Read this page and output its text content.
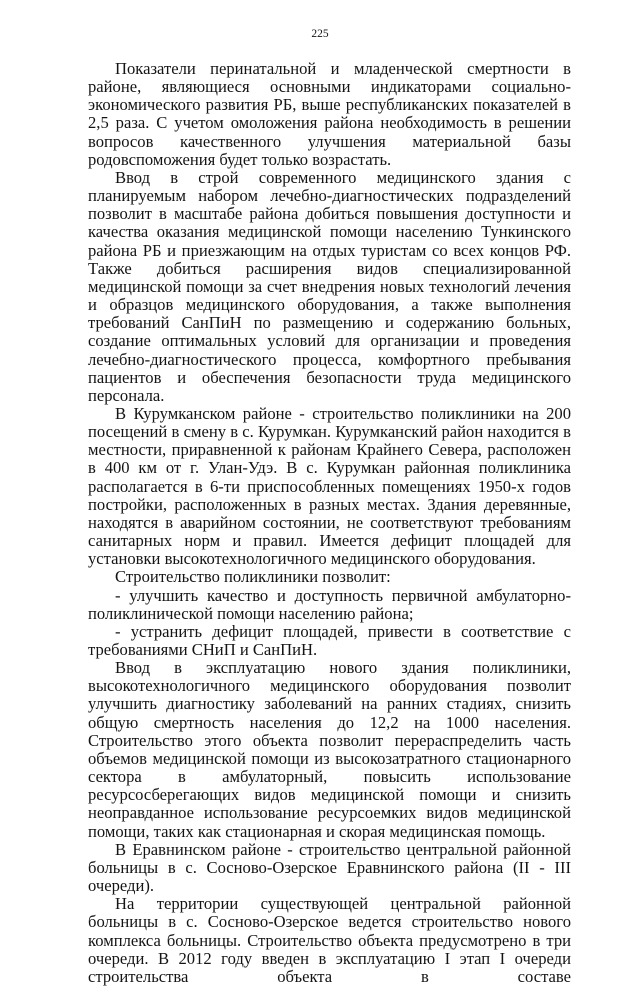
225

Показатели перинатальной и младенческой смертности в районе, являющиеся основными индикаторами социально-экономического развития РБ, выше республиканских показателей в 2,5 раза. С учетом омоложения района необходимость в решении вопросов качественного улучшения материальной базы родовспоможения будет только возрастать.

Ввод в строй современного медицинского здания с планируемым набором лечебно-диагностических подразделений позволит в масштабе района добиться повышения доступности и качества оказания медицинской помощи населению Тункинского района РБ и приезжающим на отдых туристам со всех концов РФ. Также добиться расширения видов специализированной медицинской помощи за счет внедрения новых технологий лечения и образцов медицинского оборудования, а также выполнения требований СанПиН по размещению и содержанию больных, создание оптимальных условий для организации и проведения лечебно-диагностического процесса, комфортного пребывания пациентов и обеспечения безопасности труда медицинского персонала.

В Курумканском районе - строительство поликлиники на 200 посещений в смену в с. Курумкан. Курумканский район находится в местности, приравненной к районам Крайнего Севера, расположен в 400 км от г. Улан-Удэ. В с. Курумкан районная поликлиника располагается в 6-ти приспособленных помещениях 1950-х годов постройки, расположенных в разных местах. Здания деревянные, находятся в аварийном состоянии, не соответствуют требованиям санитарных норм и правил. Имеется дефицит площадей для установки высокотехнологичного медицинского оборудования.

Строительство поликлиники позволит:

- улучшить качество и доступность первичной амбулаторно-поликлинической помощи населению района;

- устранить дефицит площадей, привести в соответствие с требованиями СНиП и СанПиН.

Ввод в эксплуатацию нового здания поликлиники, высокотехнологичного медицинского оборудования позволит улучшить диагностику заболеваний на ранних стадиях, снизить общую смертность населения до 12,2 на 1000 населения. Строительство этого объекта позволит перераспределить часть объемов медицинской помощи из высокозатратного стационарного сектора в амбулаторный, повысить использование ресурсосберегающих видов медицинской помощи и снизить неоправданное использование ресурсоемких видов медицинской помощи, таких как стационарная и скорая медицинская помощь.

В Еравнинском районе - строительство центральной районной больницы в с. Сосново-Озерское Еравнинского района (II - III очереди).

На территории существующей центральной районной больницы в с. Сосново-Озерское ведется строительство нового комплекса больницы. Строительство объекта предусмотрено в три очереди. В 2012 году введен в эксплуатацию I этап I очереди строительства объекта в составе
